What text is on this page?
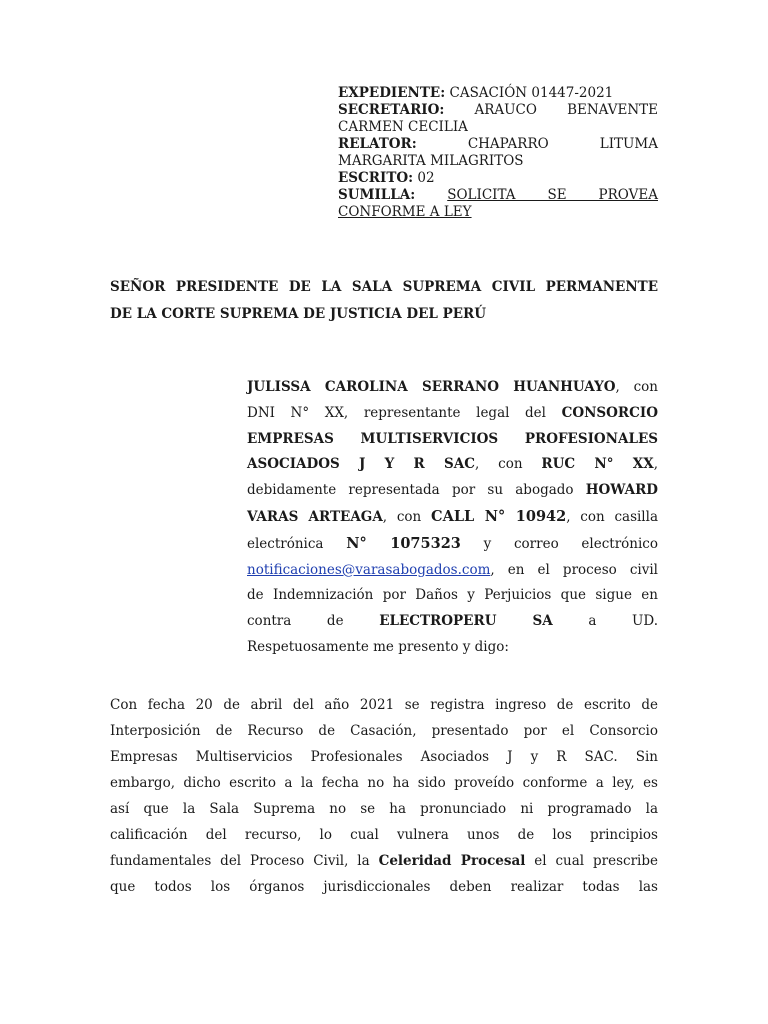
EXPEDIENTE: CASACIÓN 01447-2021
SECRETARIO: ARAUCO BENAVENTE
CARMEN CECILIA
RELATOR:	CHAPARRO LITUMA
MARGARITA MILAGRITOS
ESCRITO: 02
SUMILLA: SOLICITA SE PROVEA
CONFORME A LEY
SEÑOR PRESIDENTE DE LA SALA SUPREMA CIVIL PERMANENTE
DE LA CORTE SUPREMA DE JUSTICIA DEL PERÚ
JULISSA CAROLINA SERRANO HUANHUAYO, con
DNI N° XX, representante legal del CONSORCIO
EMPRESAS MULTISERVICIOS PROFESIONALES
ASOCIADOS J Y R SAC, con RUC N° XX,
debidamente representada por su abogado HOWARD
VARAS ARTEAGA, con CALL N° 10942, con casilla
electrónica N° 1075323 y correo electrónico
notificaciones@varasabogados.com, en el proceso civil
de Indemnización por Daños y Perjuicios que sigue en
contra de	ELECTROPERU SA	a UD.
Respetuosamente me presento y digo:
Con fecha 20 de abril del año 2021 se registra ingreso de escrito de
Interposición de Recurso de Casación, presentado por el Consorcio
Empresas Multiservicios Profesionales Asociados J y R SAC. Sin
embargo, dicho escrito a la fecha no ha sido proveído conforme a ley, es
así que la Sala Suprema no se ha pronunciado ni programado la
calificación del recurso, lo cual vulnera unos de los principios
fundamentales del Proceso Civil, la Celeridad Procesal el cual prescribe
que todos los órganos jurisdiccionales deben realizar todas las
